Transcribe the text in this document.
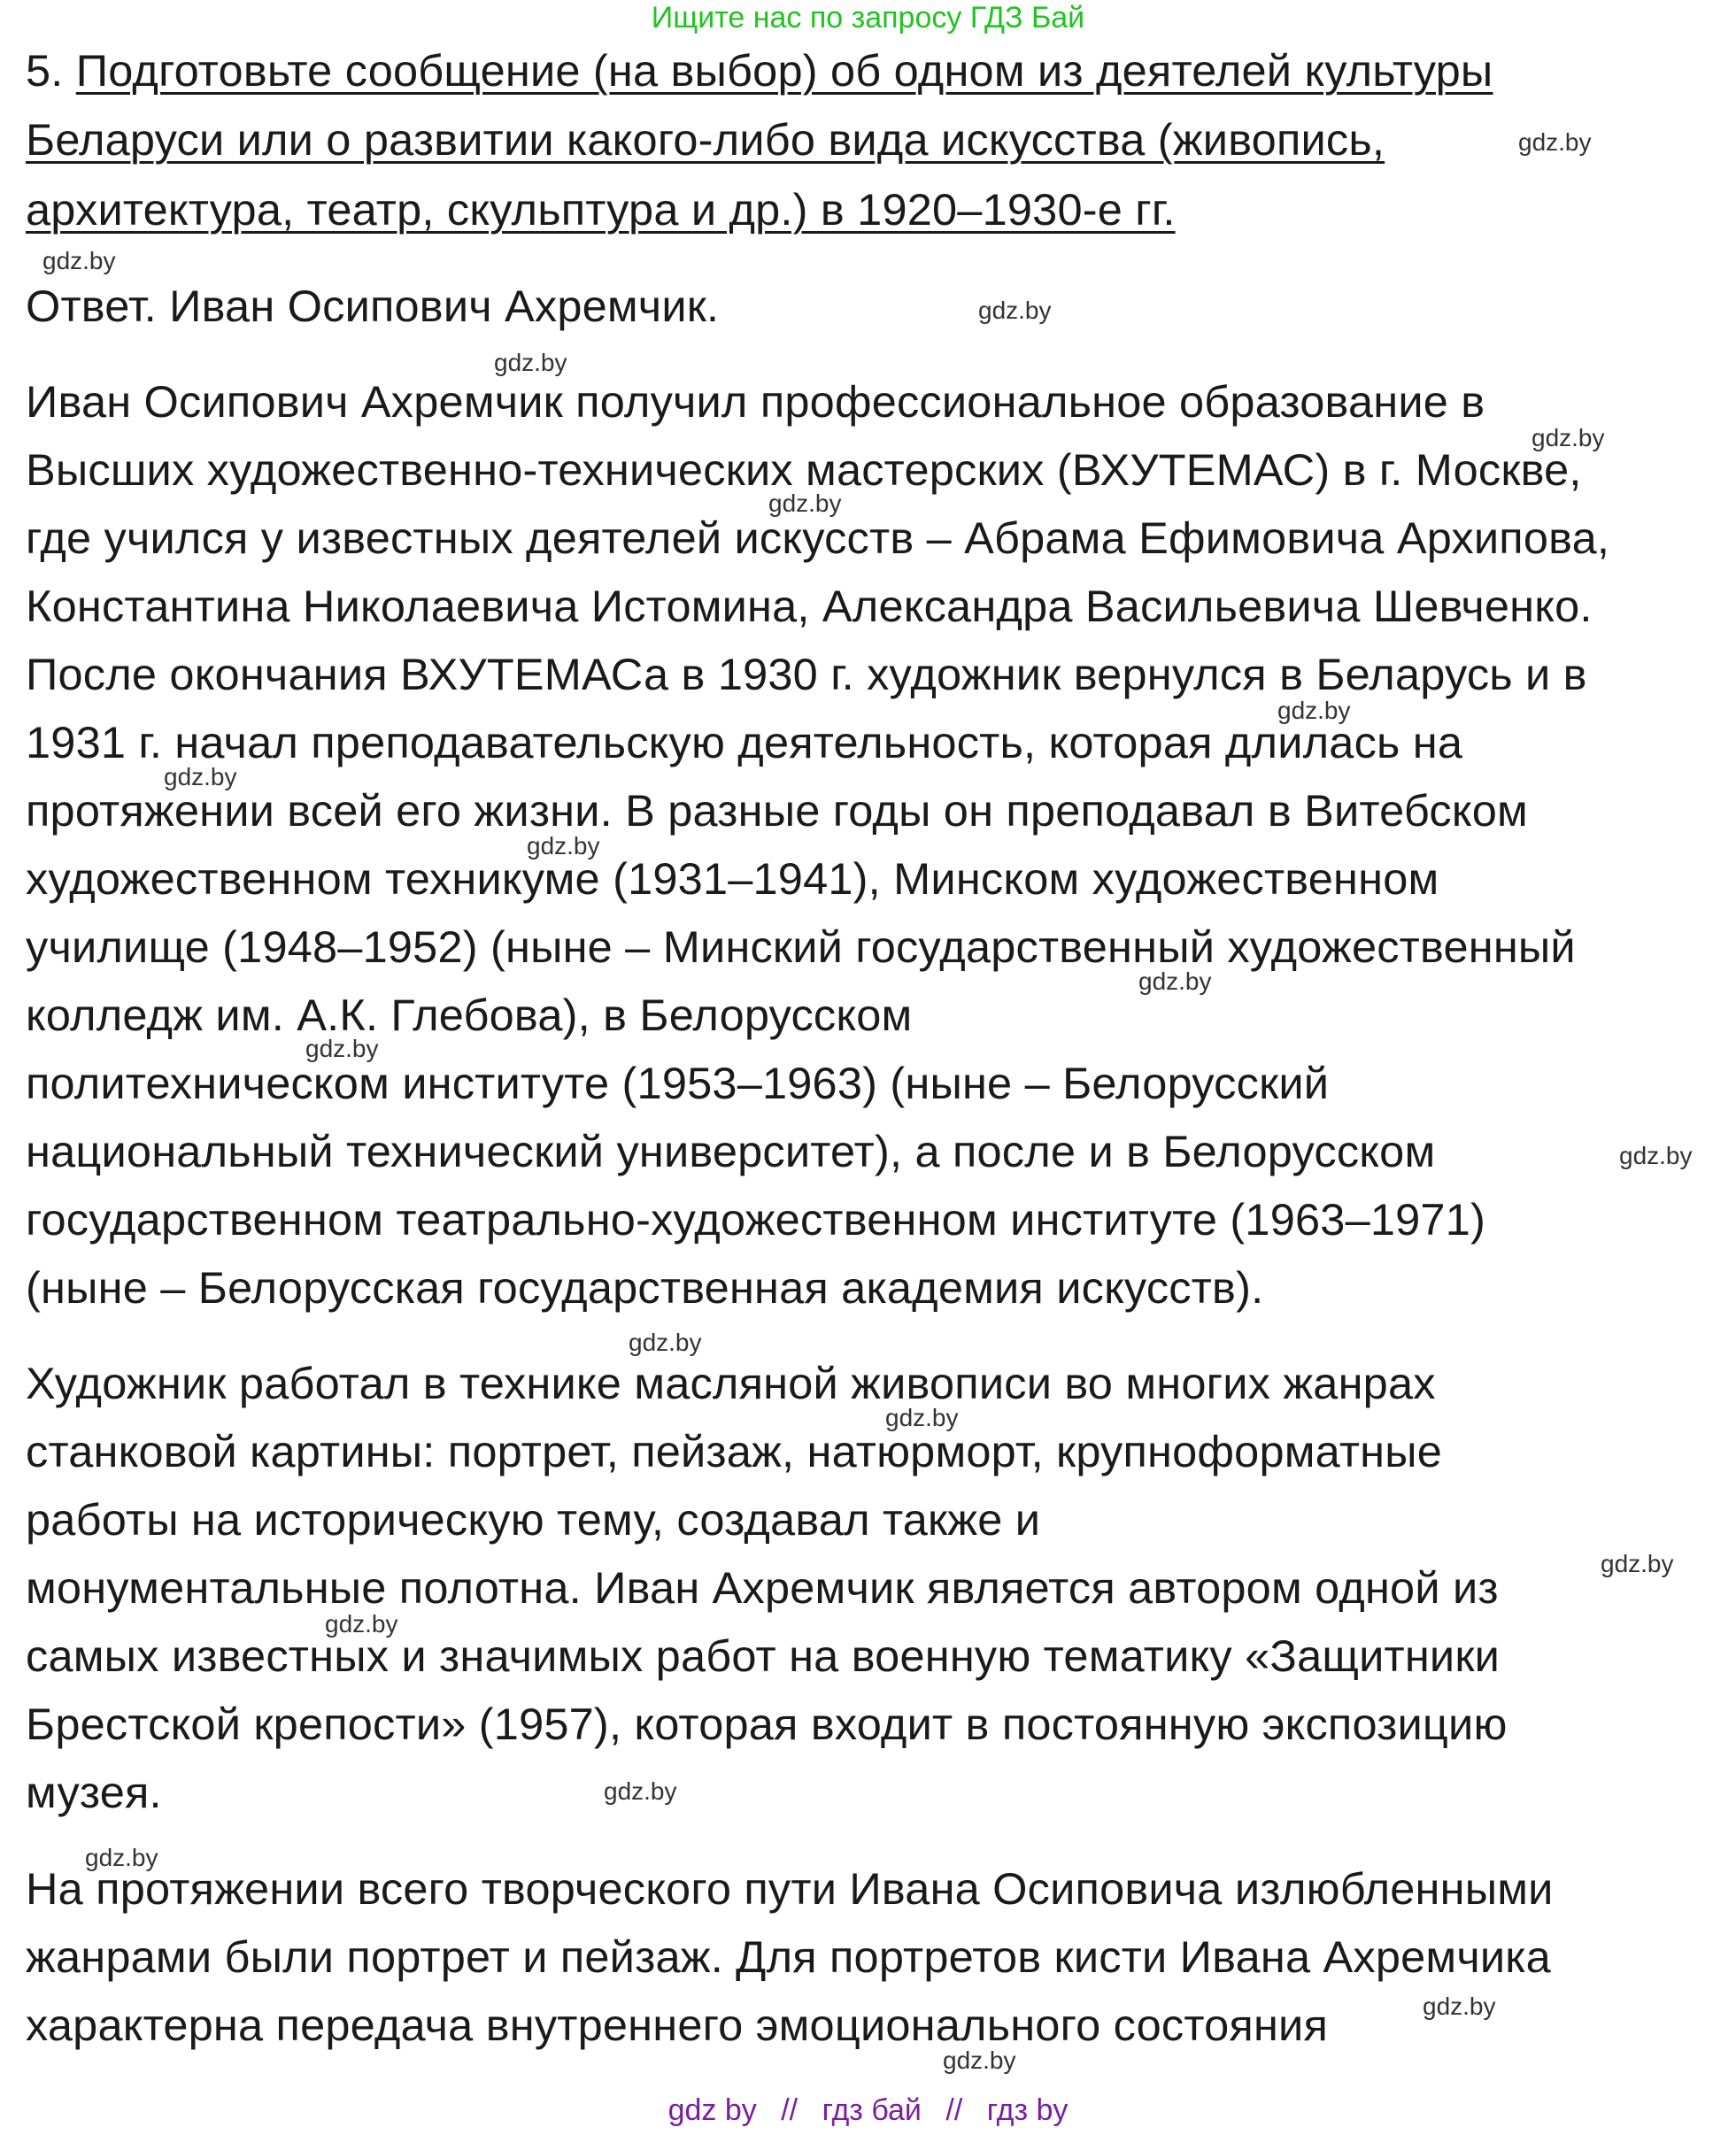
Ищите нас по запросу ГДЗ Бай
5. Подготовьте сообщение (на выбор) об одном из деятелей культуры
Беларуси или о развитии какого-либо вида искусства (живопись,
архитектура, театр, скульптура и др.) в 1920–1930-е гг.
Ответ. Иван Осипович Ахремчик.
Иван Осипович Ахремчик получил профессиональное образование в
Высших художественно-технических мастерских (ВХУТЕМАС) в г. Москве,
где учился у известных деятелей искусств – Абрама Ефимовича Архипова,
Константина Николаевича Истомина, Александра Васильевича Шевченко.
После окончания ВХУТЕМАСа в 1930 г. художник вернулся в Беларусь и в
1931 г. начал преподавательскую деятельность, которая длилась на
протяжении всей его жизни. В разные годы он преподавал в Витебском
художественном техникуме (1931–1941), Минском художественном
училище (1948–1952) (ныне – Минский государственный художественный
колледж им. А.К. Глебова), в Белорусском
политехническом институте (1953–1963) (ныне – Белорусский
национальный технический университет), а после и в Белорусском
государственном театрально-художественном институте (1963–1971)
(ныне – Белорусская государственная академия искусств).
Художник работал в технике масляной живописи во многих жанрах
станковой картины: портрет, пейзаж, натюрморт, крупноформатные
работы на историческую тему, создавал также и
монументальные полотна. Иван Ахремчик является автором одной из
самых известных и значимых работ на военную тематику «Защитники
Брестской крепости» (1957), которая входит в постоянную экспозицию
музея.
На протяжении всего творческого пути Ивана Осиповича излюбленными
жанрами были портрет и пейзаж. Для портретов кисти Ивана Ахремчика
характерна передача внутреннего эмоционального состояния
gdz.by
gdz.by
gdz.by
gdz.by
gdz.by
gdz.by
gdz.by
gdz.by
gdz.by
gdz.by
gdz.by
gdz.by
gdz.by
gdz.by
gdz.by
gdz.by
gdz.by
gdz.by
gdz.by
gdz.by
gdz by // гдз бай // гдз by
